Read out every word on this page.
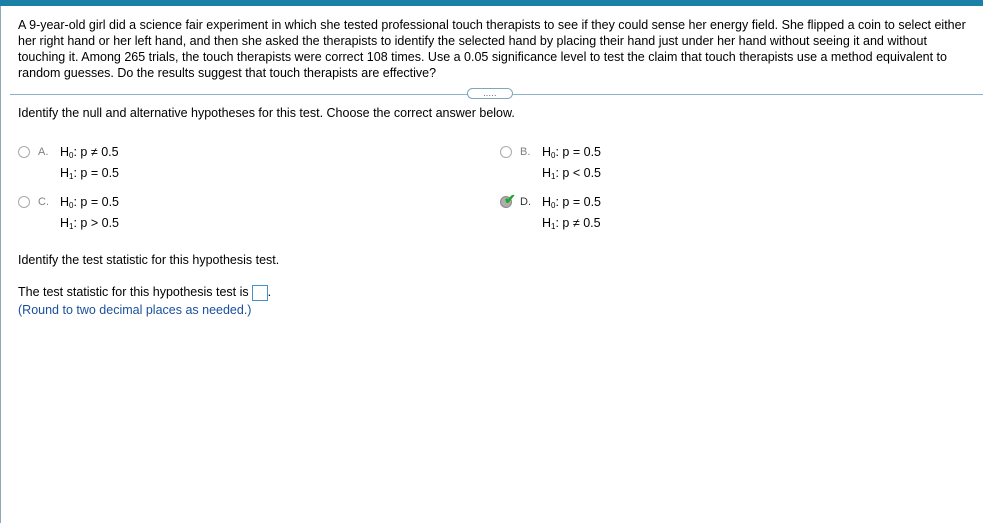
A 9-year-old girl did a science fair experiment in which she tested professional touch therapists to see if they could sense her energy field. She flipped a coin to select either her right hand or her left hand, and then she asked the therapists to identify the selected hand by placing their hand just under her hand without seeing it and without touching it. Among 265 trials, the touch therapists were correct 108 times. Use a 0.05 significance level to test the claim that touch therapists use a method equivalent to random guesses. Do the results suggest that touch therapists are effective?
.....
Identify the null and alternative hypotheses for this test. Choose the correct answer below.
A. $H_0$: p ≠ 0.5
$H_1$: p = 0.5
B. $H_0$: p = 0.5
$H_1$: p < 0.5
C. $H_0$: p = 0.5
$H_1$: p > 0.5
✔ D. $H_0$: p = 0.5
$H_1$: p ≠ 0.5
Identify the test statistic for this hypothesis test.
The test statistic for this hypothesis test is .
(Round to two decimal places as needed.)
